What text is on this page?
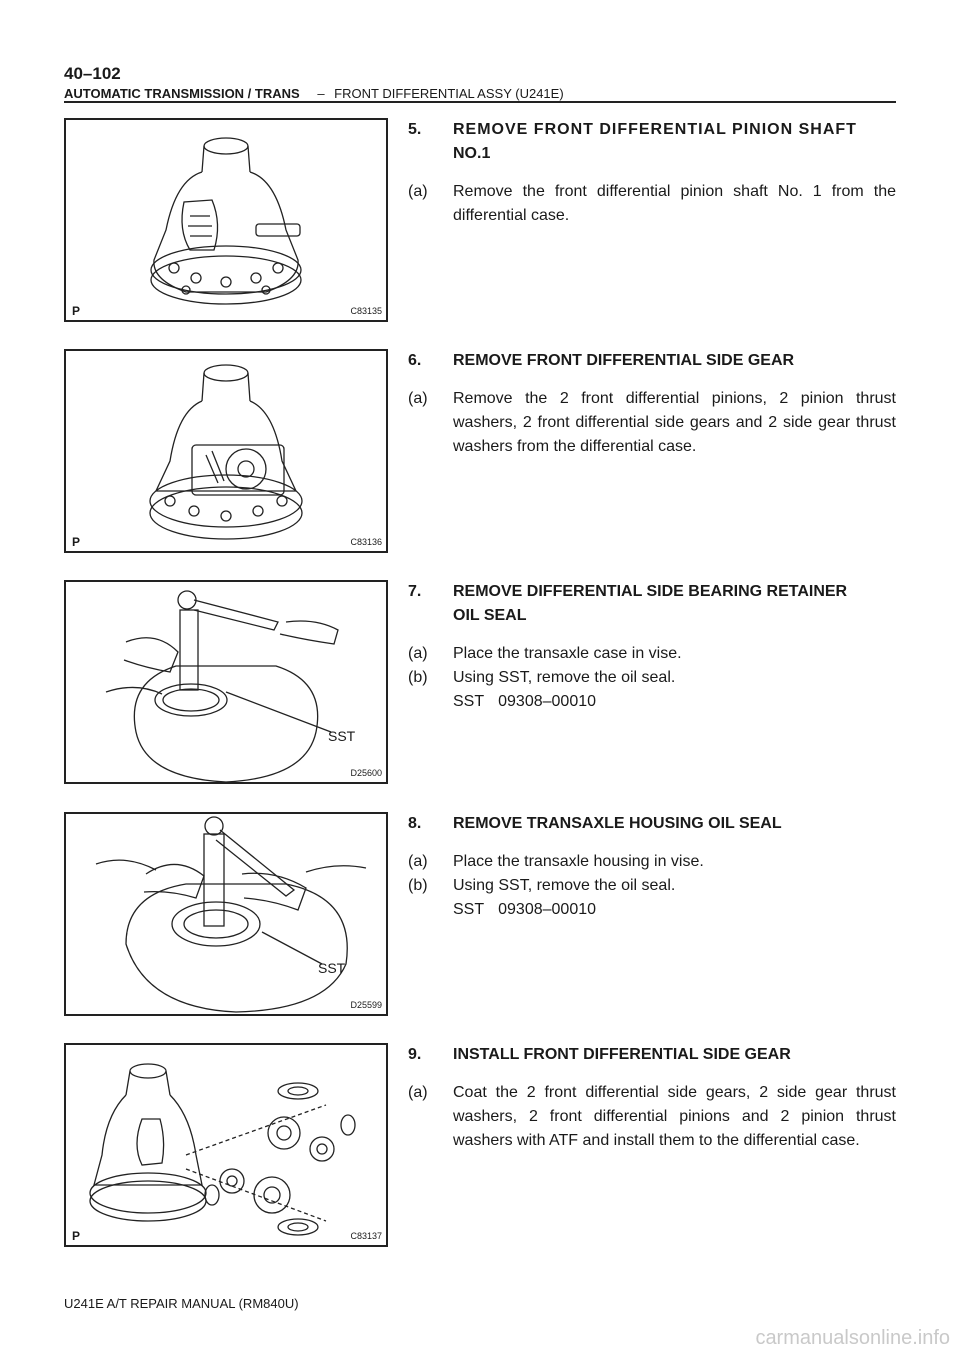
40–102
AUTOMATIC TRANSMISSION / TRANS – FRONT DIFFERENTIAL ASSY (U241E)
P	C83135
P	C83136
SST
D25600
SST
D25599
P	C83137
5.	REMOVE FRONT DIFFERENTIAL PINION SHAFT
NO.1
(a)	Remove the front differential pinion shaft No. 1 from the differential case.
6.	REMOVE FRONT DIFFERENTIAL SIDE GEAR
(a)	Remove the 2 front differential pinions, 2 pinion thrust washers, 2 front differential side gears and 2 side gear thrust washers from the differential case.
7.	REMOVE DIFFERENTIAL SIDE BEARING RETAINER
OIL SEAL
(a)	Place the transaxle case in vise.
(b)	Using SST, remove the oil seal.
SST 09308–00010
8.	REMOVE TRANSAXLE HOUSING OIL SEAL
(a)	Place the transaxle housing in vise.
(b)	Using SST, remove the oil seal.
SST 09308–00010
9.	INSTALL FRONT DIFFERENTIAL SIDE GEAR
(a)	Coat the 2 front differential side gears, 2 side gear thrust washers, 2 front differential pinions and 2 pinion thrust washers with ATF and install them to the differential case.
U241E A/T REPAIR MANUAL (RM840U)
carmanualsonline.info
